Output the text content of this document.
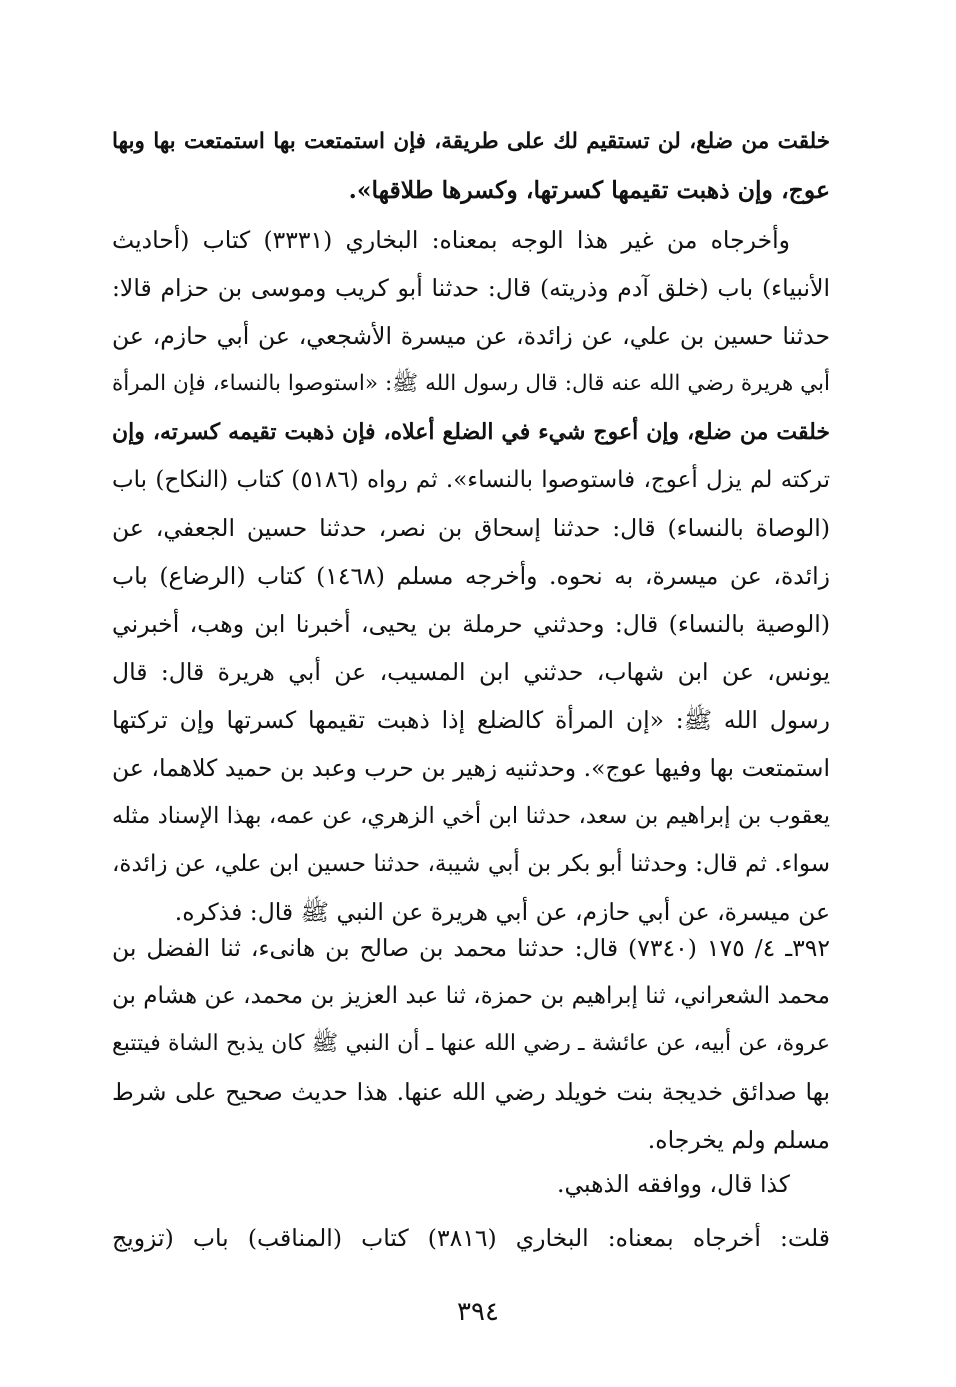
خلقت من ضلع، لن تستقيم لك على طريقة، فإن استمتعت بها استمتعت بها وبها
عوج، وإن ذهبت تقيمها كسرتها، وكسرها طلاقها».
وأخرجاه من غير هذا الوجه بمعناه: البخاري (٣٣٣١) كتاب (أحاديث
الأنبياء) باب (خلق آدم وذريته) قال: حدثنا أبو كريب وموسى بن حزام قالا:
حدثنا حسين بن علي، عن زائدة، عن ميسرة الأشجعي، عن أبي حازم، عن
أبي هريرة رضي الله عنه قال: قال رسول الله ﷺ: «استوصوا بالنساء، فإن المرأة
خلقت من ضلع، وإن أعوج شيء في الضلع أعلاه، فإن ذهبت تقيمه كسرته، وإن
تركته لم يزل أعوج، فاستوصوا بالنساء». ثم رواه (٥١٨٦) كتاب (النكاح) باب
(الوصاة بالنساء) قال: حدثنا إسحاق بن نصر، حدثنا حسين الجعفي، عن
زائدة، عن ميسرة، به نحوه. وأخرجه مسلم (١٤٦٨) كتاب (الرضاع) باب
(الوصية بالنساء) قال: وحدثني حرملة بن يحيى، أخبرنا ابن وهب، أخبرني
يونس، عن ابن شهاب، حدثني ابن المسيب، عن أبي هريرة قال: قال
رسول الله ﷺ: «إن المرأة كالضلع إذا ذهبت تقيمها كسرتها وإن تركتها
استمتعت بها وفيها عوج». وحدثنيه زهير بن حرب وعبد بن حميد كلاهما، عن
يعقوب بن إبراهيم بن سعد، حدثنا ابن أخي الزهري، عن عمه، بهذا الإسناد مثله
سواء. ثم قال: وحدثنا أبو بكر بن أبي شيبة، حدثنا حسين ابن علي، عن زائدة،
عن ميسرة، عن أبي حازم، عن أبي هريرة عن النبي ﷺ قال: فذكره.
٣٩٢ـ ٤/ ١٧٥ (٧٣٤٠) قال: حدثنا محمد بن صالح بن هانىء، ثنا الفضل بن
محمد الشعراني، ثنا إبراهيم بن حمزة، ثنا عبد العزيز بن محمد، عن هشام بن
عروة، عن أبيه، عن عائشة ـ رضي الله عنها ـ أن النبي ﷺ كان يذبح الشاة فيتتبع
بها صدائق خديجة بنت خويلد رضي الله عنها. هذا حديث صحيح على شرط
مسلم ولم يخرجاه.
كذا قال، ووافقه الذهبي.
قلت: أخرجاه بمعناه: البخاري (٣٨١٦) كتاب (المناقب) باب (تزويج
٣٩٤
